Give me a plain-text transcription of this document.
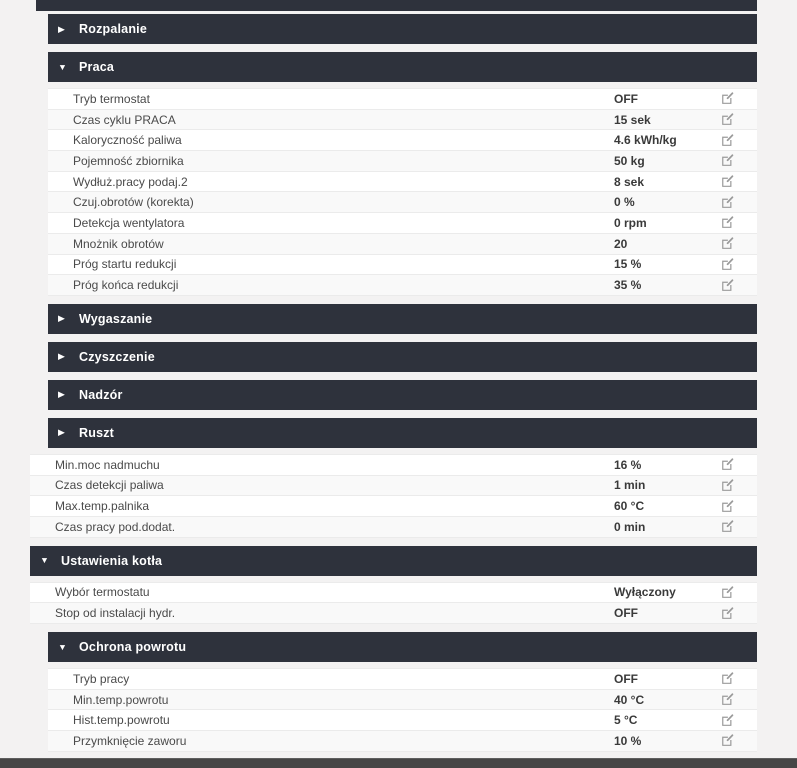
▶	Rozpalanie
▼ Praca
Tryb termostat	OFF
Czas cyklu PRACA	15 sek
Kaloryczność paliwa	4.6 kWh/kg
Pojemność zbiornika	50 kg
Wydłuż.pracy podaj.2	8 sek
Czuj.obrotów (korekta)	0 %
Detekcja wentylatora	0 rpm
Mnożnik obrotów	20
Próg startu redukcji	15 %
Próg końca redukcji	35 %
▶	Wygaszanie
▶	Czyszczenie
▶	Nadzór
▶	Ruszt
Min.moc nadmuchu	16 %
Czas detekcji paliwa	1 min
Max.temp.palnika	60 °C
Czas pracy pod.dodat.	0 min
▼ Ustawienia kotła
Wybór termostatu	Wyłączony
Stop od instalacji hydr.	OFF
▼ Ochrona powrotu
Tryb pracy	OFF
Min.temp.powrotu	40 °C
Hist.temp.powrotu	5 °C
Przymknięcie zaworu	10 %
